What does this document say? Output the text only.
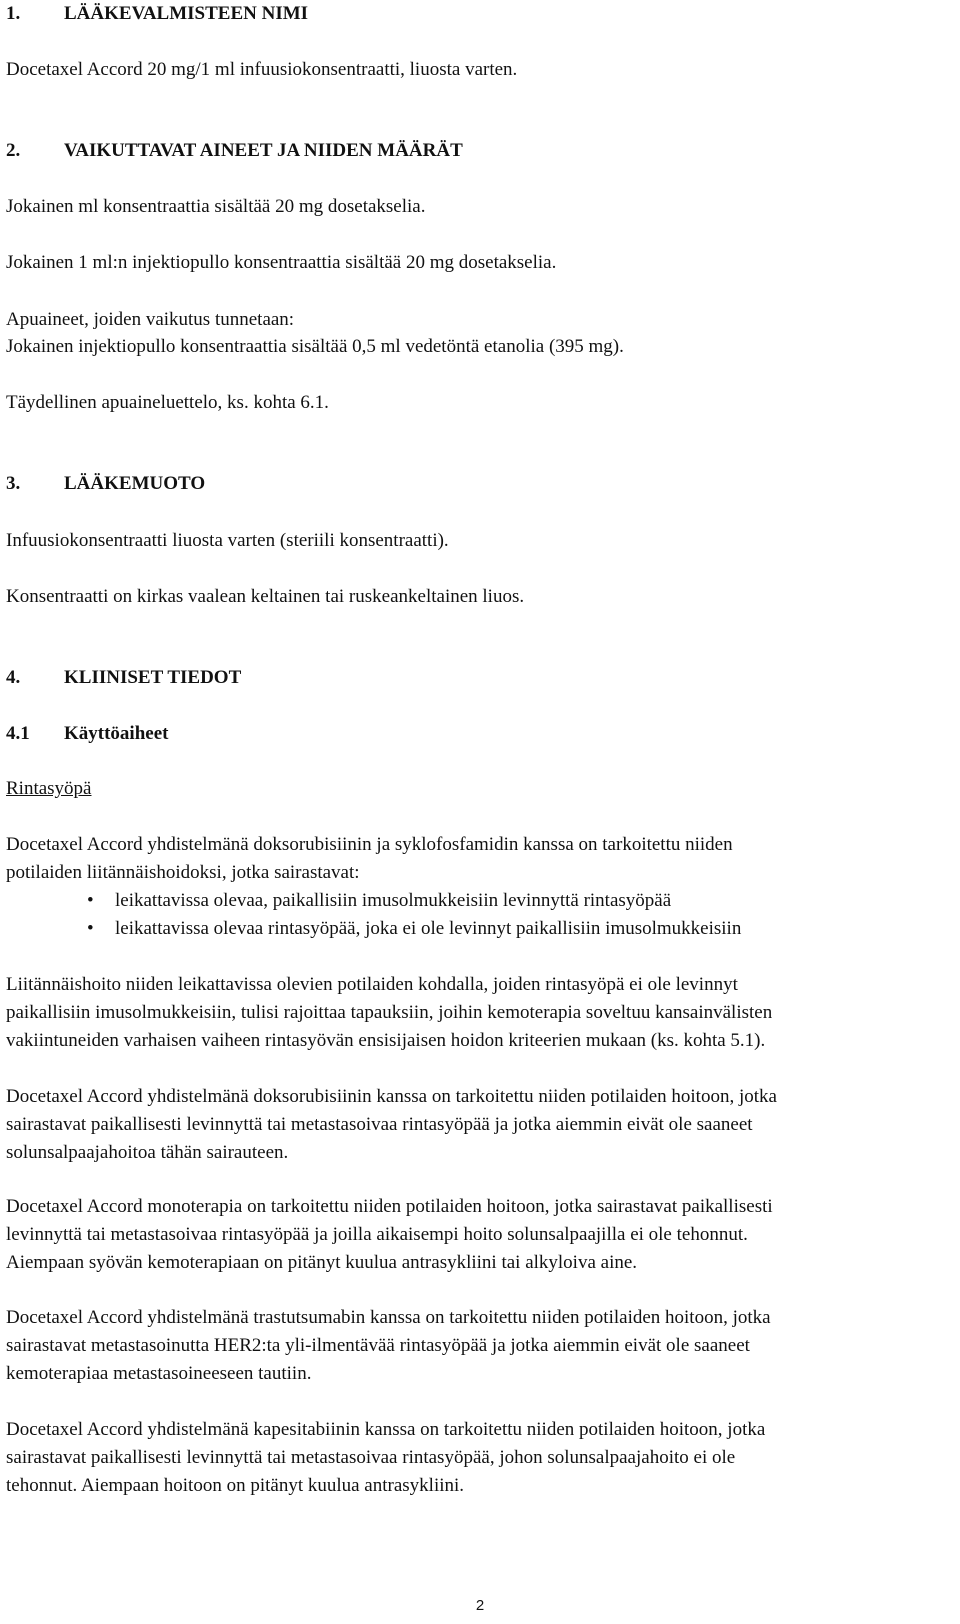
1.	LÄÄKEVALMISTEEN NIMI

Docetaxel Accord 20 mg/1 ml infuusiokonsentraatti, liuosta varten.

2.	VAIKUTTAVAT AINEET JA NIIDEN MÄÄRÄT

Jokainen ml konsentraattia sisältää 20 mg dosetakselia.

Jokainen 1 ml:n injektiopullo konsentraattia sisältää 20 mg dosetakselia.

Apuaineet, joiden vaikutus tunnetaan:

Jokainen injektiopullo konsentraattia sisältää 0,5 ml vedetöntä etanolia (395 mg).

Täydellinen apuaineluettelo, ks. kohta 6.1.

3.	LÄÄKEMUOTO

Infuusiokonsentraatti liuosta varten (steriili konsentraatti).

Konsentraatti on kirkas vaalean keltainen tai ruskeankeltainen liuos.

4.	KLIINISET TIEDOT
4.1	Käyttöaiheet

Rintasyöpä

Docetaxel Accord yhdistelmänä doksorubisiinin ja syklofosfamidin kanssa on tarkoitettu niiden

potilaiden liitännäishoidoksi, jotka sairastavat:

• leikattavissa olevaa, paikallisiin imusolmukkeisiin levinnyttä rintasyöpää
• leikattavissa olevaa rintasyöpää, joka ei ole levinnyt paikallisiin imusolmukkeisiin

Liitännäishoito niiden leikattavissa olevien potilaiden kohdalla, joiden rintasyöpä ei ole levinnyt

paikallisiin imusolmukkeisiin, tulisi rajoittaa tapauksiin, joihin kemoterapia soveltuu kansainvälisten

vakiintuneiden varhaisen vaiheen rintasyövän ensisijaisen hoidon kriteerien mukaan (ks. kohta 5.1).

Docetaxel Accord yhdistelmänä doksorubisiinin kanssa on tarkoitettu niiden potilaiden hoitoon, jotka

sairastavat paikallisesti levinnyttä tai metastasoivaa rintasyöpää ja jotka aiemmin eivät ole saaneet

solunsalpaajahoitoa tähän sairauteen.

Docetaxel Accord monoterapia on tarkoitettu niiden potilaiden hoitoon, jotka sairastavat paikallisesti

levinnyttä tai metastasoivaa rintasyöpää ja joilla aikaisempi hoito solunsalpaajilla ei ole tehonnut.

Aiempaan syövän kemoterapiaan on pitänyt kuulua antrasykliini tai alkyloiva aine.

Docetaxel Accord yhdistelmänä trastutsumabin kanssa on tarkoitettu niiden potilaiden hoitoon, jotka

sairastavat metastasoinutta HER2:ta yli-ilmentävää rintasyöpää ja jotka aiemmin eivät ole saaneet

kemoterapiaa metastasoineeseen tautiin.

Docetaxel Accord yhdistelmänä kapesitabiinin kanssa on tarkoitettu niiden potilaiden hoitoon, jotka

sairastavat paikallisesti levinnyttä tai metastasoivaa rintasyöpää, johon solunsalpaajahoito ei ole

tehonnut. Aiempaan hoitoon on pitänyt kuulua antrasykliini.

2
